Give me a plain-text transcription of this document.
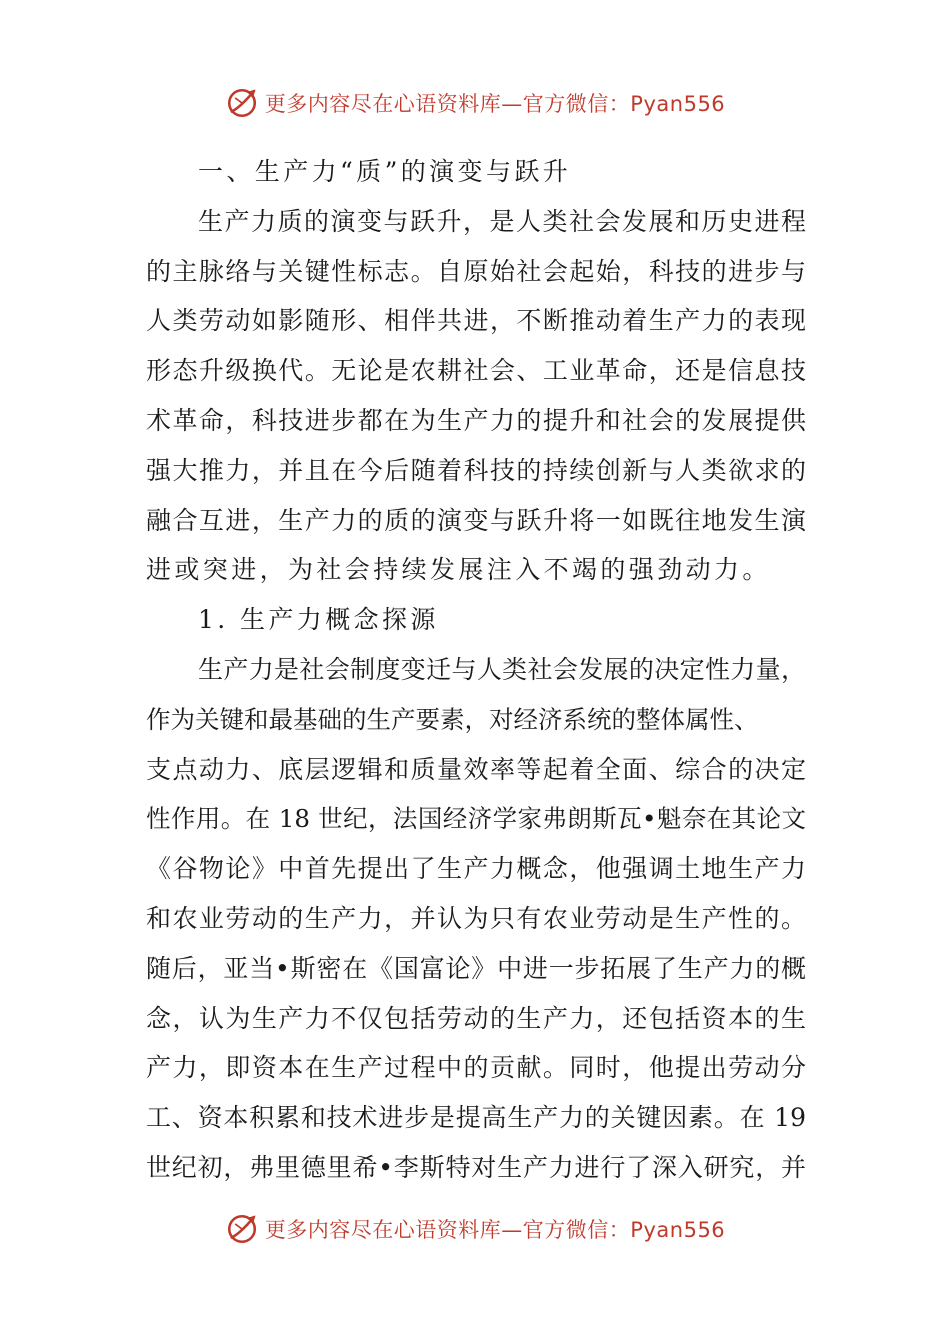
更多内容尽在心语资料库—官方微信：Pyan556
一、生产力“质”的演变与跃升
生产力质的演变与跃升，是人类社会发展和历史进程
的主脉络与关键性标志。自原始社会起始，科技的进步与
人类劳动如影随形、相伴共进，不断推动着生产力的表现
形态升级换代。无论是农耕社会、工业革命，还是信息技
术革命，科技进步都在为生产力的提升和社会的发展提供
强大推力，并且在今后随着科技的持续创新与人类欲求的
融合互进，生产力的质的演变与跃升将一如既往地发生演
进或突进，为社会持续发展注入不竭的强劲动力。
1. 生产力概念探源
生产力是社会制度变迁与人类社会发展的决定性力量，
作为关键和最基础的生产要素，对经济系统的整体属性、
支点动力、底层逻辑和质量效率等起着全面、综合的决定
性作用。在 18 世纪，法国经济学家弗朗斯瓦•魁奈在其论文
《谷物论》中首先提出了生产力概念，他强调土地生产力
和农业劳动的生产力，并认为只有农业劳动是生产性的。
随后，亚当•斯密在《国富论》中进一步拓展了生产力的概
念，认为生产力不仅包括劳动的生产力，还包括资本的生
产力，即资本在生产过程中的贡献。同时，他提出劳动分
工、资本积累和技术进步是提高生产力的关键因素。在 19
世纪初，弗里德里希•李斯特对生产力进行了深入研究，并
更多内容尽在心语资料库—官方微信：Pyan556
